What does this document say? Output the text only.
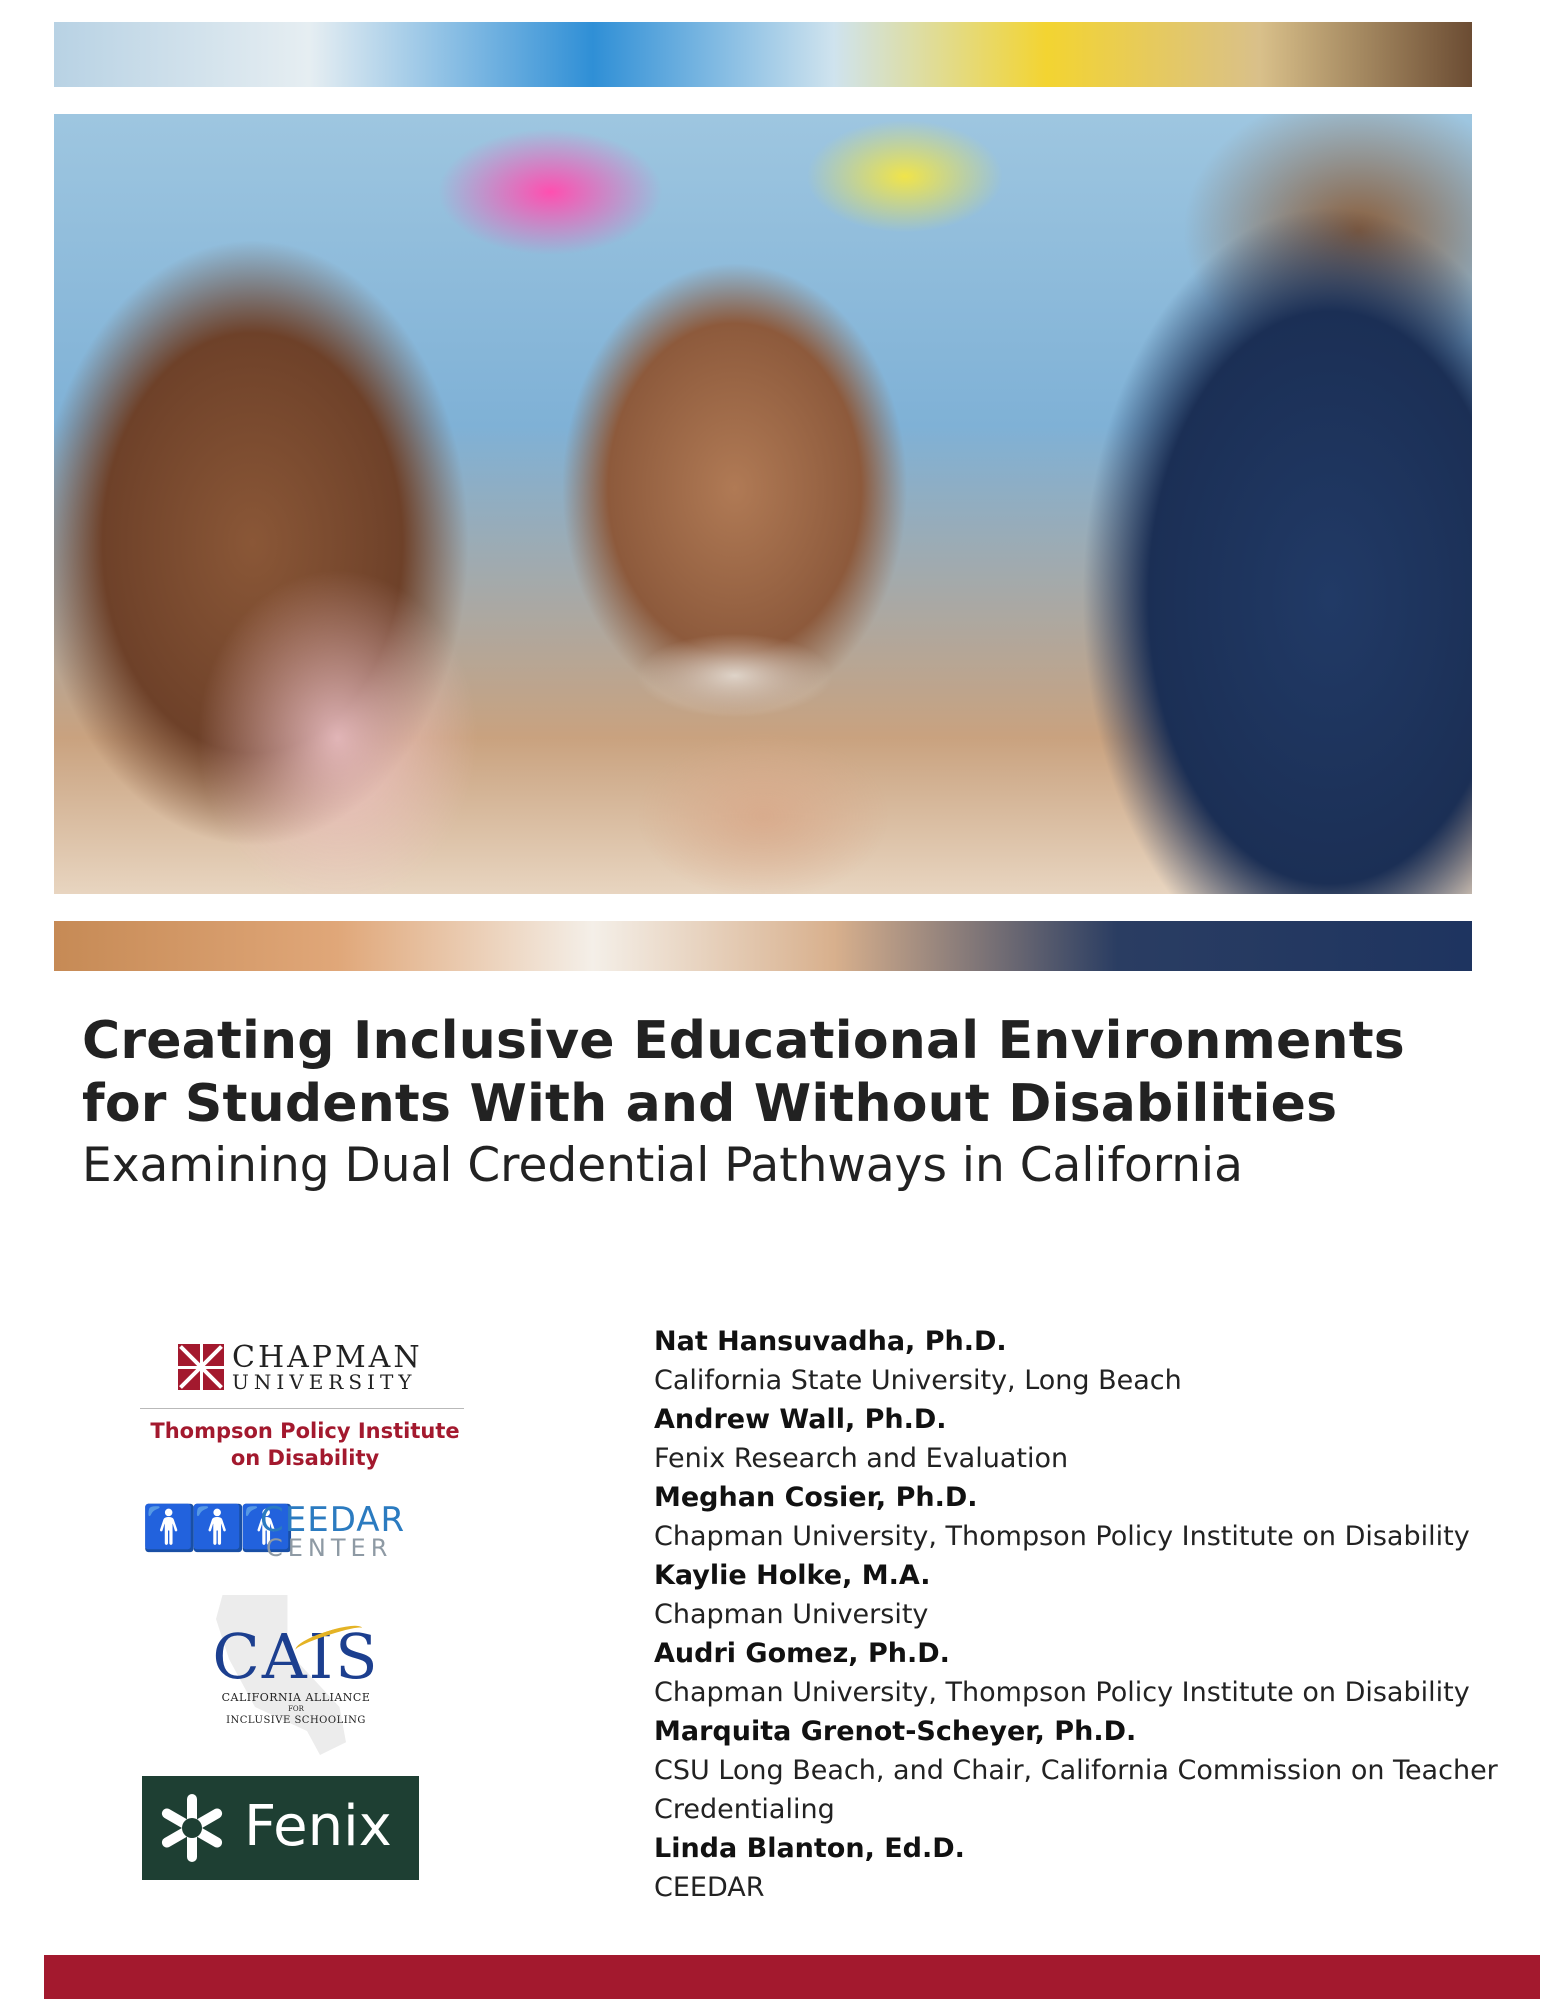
Creating Inclusive Educational Environments
for Students With and Without Disabilities

Examining Dual Credential Pathways in California

CHAPMAN
UNIVERSITY
Thompson Policy Institute
on Disability
🚹🚹🚹
CEEDAR
CENTER
CAIS
CALIFORNIA ALLIANCE
FOR
INCLUSIVE SCHOOLING
Fenix
Nat Hansuvadha, Ph.D.
California State University, Long Beach
Andrew Wall, Ph.D.
Fenix Research and Evaluation
Meghan Cosier, Ph.D.
Chapman University, Thompson Policy Institute on Disability
Kaylie Holke, M.A.
Chapman University
Audri Gomez, Ph.D.
Chapman University, Thompson Policy Institute on Disability
Marquita Grenot-Scheyer, Ph.D.
CSU Long Beach, and Chair, California Commission on Teacher Credentialing
Linda Blanton, Ed.D.
CEEDAR
